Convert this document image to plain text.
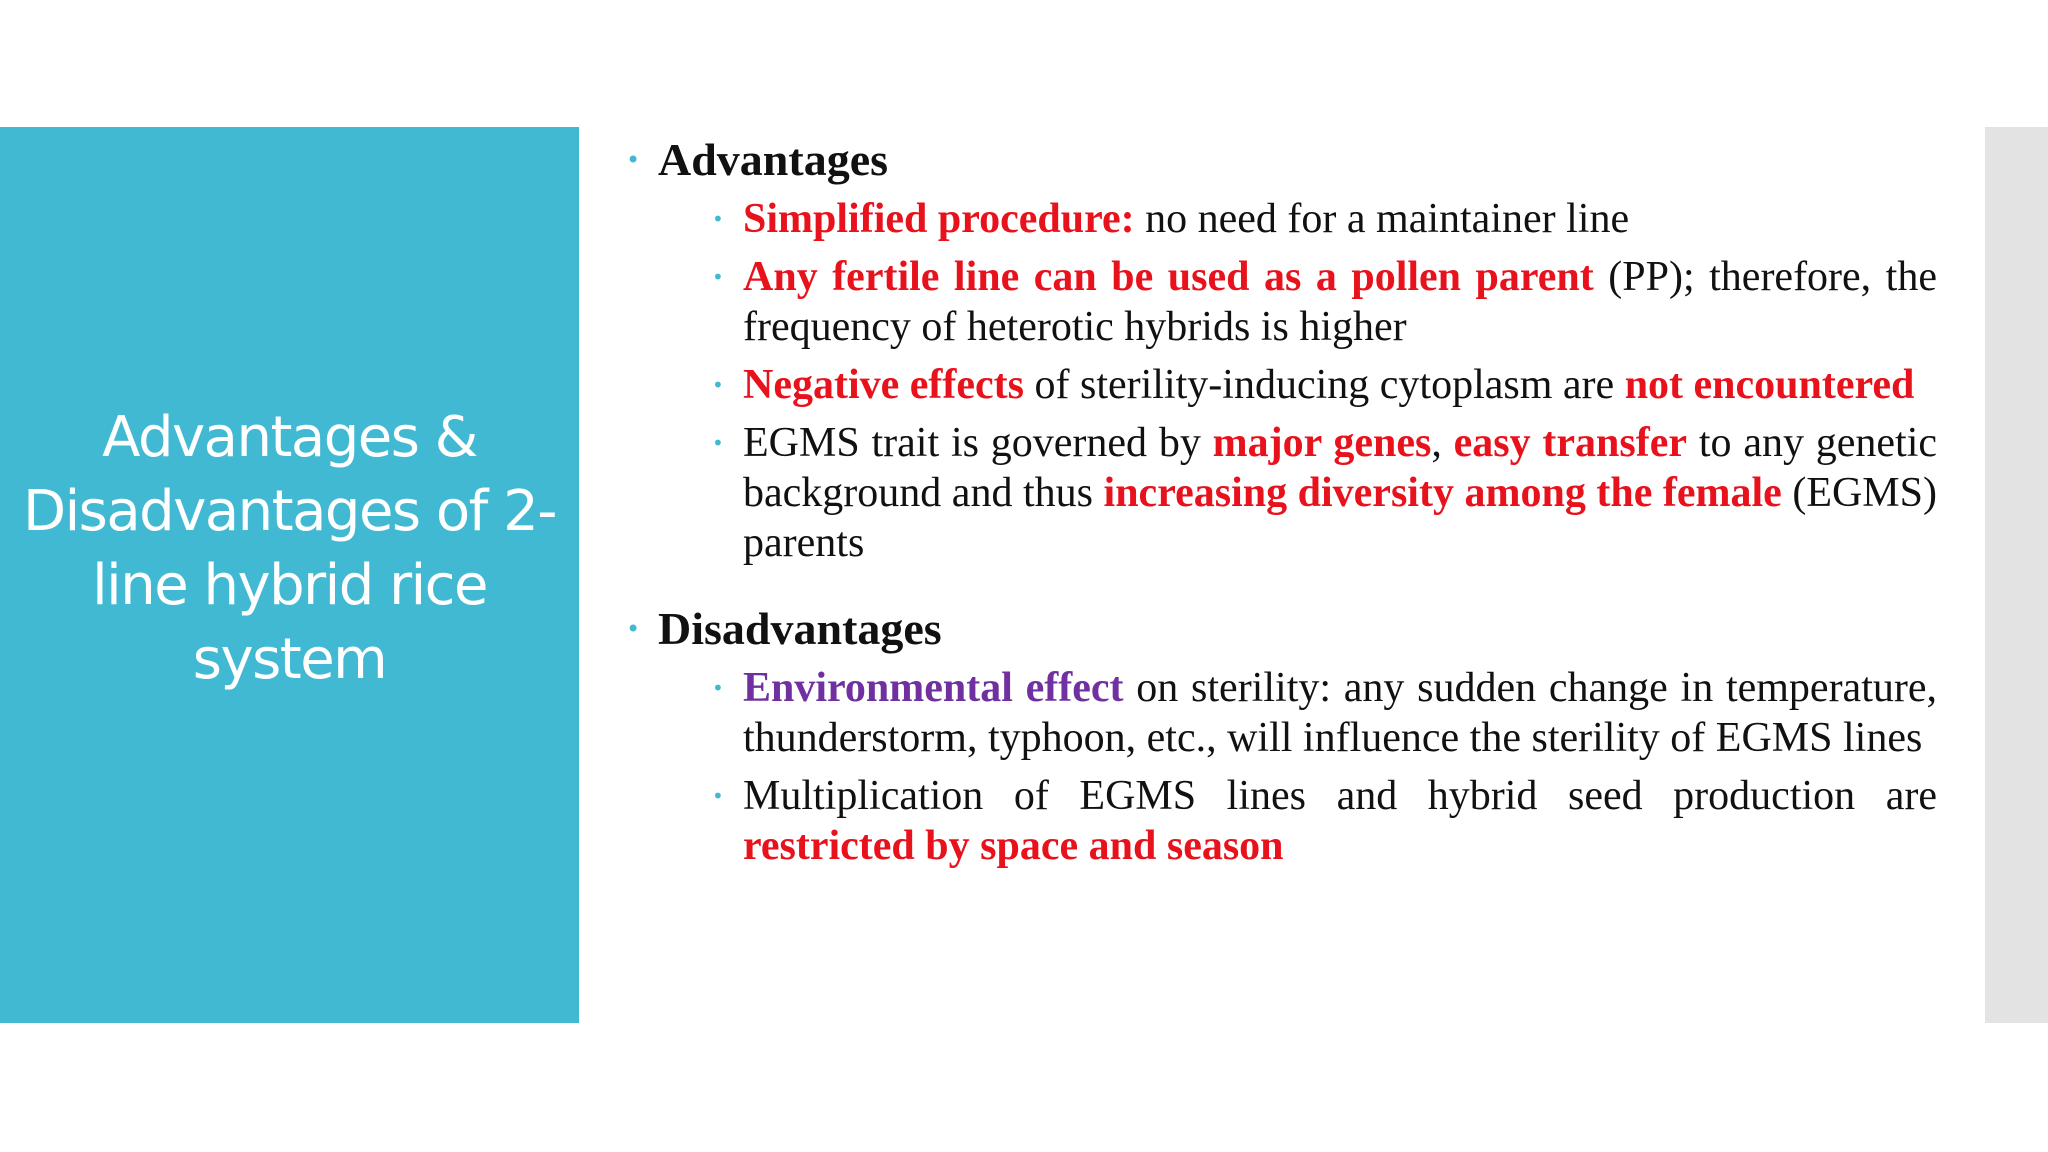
Advantages & Disadvantages of 2-line hybrid rice system
• Advantages
• Simplified procedure: no need for a maintainer line
• Any fertile line can be used as a pollen parent (PP); therefore, the frequency of heterotic hybrids is higher
• Negative effects of sterility-inducing cytoplasm are not encountered
• EGMS trait is governed by major genes, easy transfer to any genetic background and thus increasing diversity among the female (EGMS) parents
• Disadvantages
• Environmental effect on sterility: any sudden change in temperature, thunderstorm, typhoon, etc., will influence the sterility of EGMS lines
• Multiplication of EGMS lines and hybrid seed production are restricted by space and season
